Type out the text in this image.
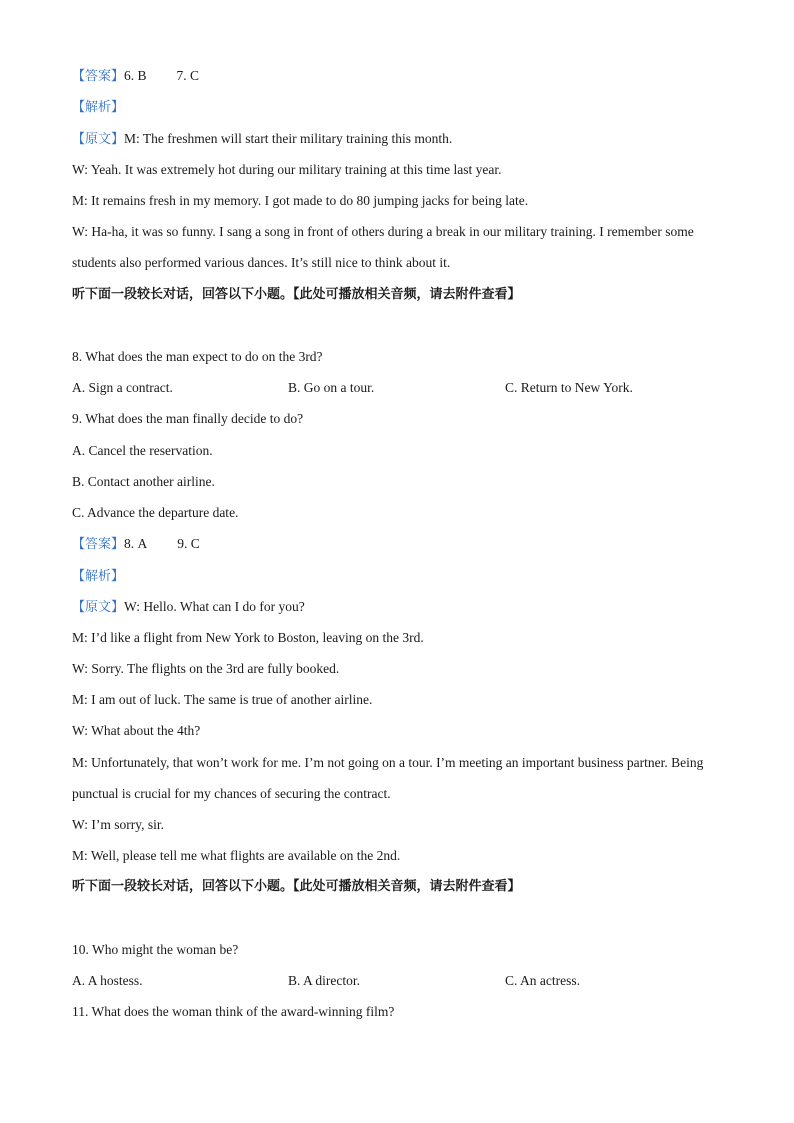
【答案】6. B 7. C
【解析】
【原文】M: The freshmen will start their military training this month.
W: Yeah. It was extremely hot during our military training at this time last year.
M: It remains fresh in my memory. I got made to do 80 jumping jacks for being late.
W: Ha-ha, it was so funny. I sang a song in front of others during a break in our military training. I remember some
students also performed various dances. It’s still nice to think about it.
听下面一段较长对话，回答以下小题。【此处可播放相关音频，请去附件查看】
8. What does the man expect to do on the 3rd?
A. Sign a contract.	B. Go on a tour.	C. Return to New York.
9. What does the man finally decide to do?
A. Cancel the reservation.
B. Contact another airline.
C. Advance the departure date.
【答案】8. A 9. C
【解析】
【原文】W: Hello. What can I do for you?
M: I’d like a flight from New York to Boston, leaving on the 3rd.
W: Sorry. The flights on the 3rd are fully booked.
M: I am out of luck. The same is true of another airline.
W: What about the 4th?
M: Unfortunately, that won’t work for me. I’m not going on a tour. I’m meeting an important business partner. Being
punctual is crucial for my chances of securing the contract.
W: I’m sorry, sir.
M: Well, please tell me what flights are available on the 2nd.
听下面一段较长对话，回答以下小题。【此处可播放相关音频，请去附件查看】
10. Who might the woman be?
A. A hostess.	B. A director.	C. An actress.
11. What does the woman think of the award-winning film?
